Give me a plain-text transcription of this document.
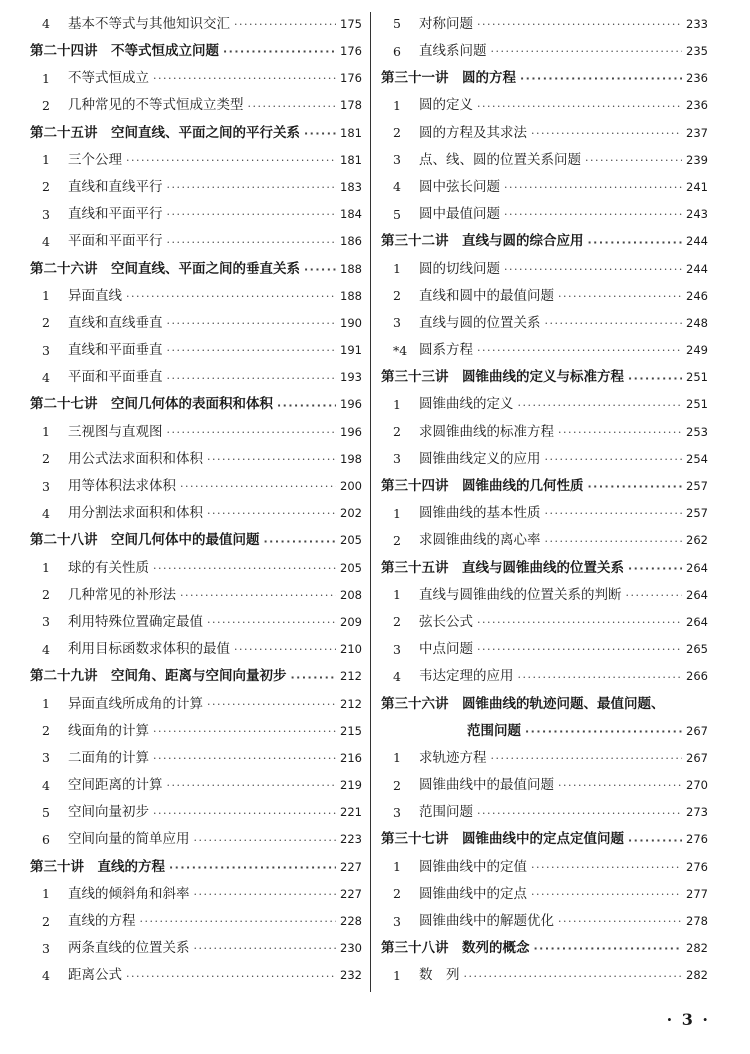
4	基本不等式与其他知识交汇 ·····	175
第二十四讲　不等式恒成立问题 ·····	176
1	不等式恒成立 ·····	176
2	几种常见的不等式恒成立类型 ·····	178
第二十五讲　空间直线、平面之间的平行关系 ·····	181
1	三个公理 ·····	181
2	直线和直线平行 ·····	183
3	直线和平面平行 ·····	184
4	平面和平面平行 ·····	186
第二十六讲　空间直线、平面之间的垂直关系 ·····	188
1	异面直线 ·····	188
2	直线和直线垂直 ·····	190
3	直线和平面垂直 ·····	191
4	平面和平面垂直 ·····	193
第二十七讲　空间几何体的表面积和体积 ·····	196
1	三视图与直观图 ·····	196
2	用公式法求面积和体积 ·····	198
3	用等体积法求体积 ·····	200
4	用分割法求面积和体积 ·····	202
第二十八讲　空间几何体中的最值问题 ·····	205
1	球的有关性质 ·····	205
2	几种常见的补形法 ·····	208
3	利用特殊位置确定最值 ·····	209
4	利用目标函数求体积的最值 ·····	210
第二十九讲　空间角、距离与空间向量初步 ·····	212
1	异面直线所成角的计算 ·····	212
2	线面角的计算 ·····	215
3	二面角的计算 ·····	216
4	空间距离的计算 ·····	219
5	空间向量初步 ·····	221
6	空间向量的简单应用 ·····	223
第三十讲　直线的方程 ·····	227
1	直线的倾斜角和斜率 ·····	227
2	直线的方程 ·····	228
3	两条直线的位置关系 ·····	230
4	距离公式 ·····	232
5	对称问题 ·····	233
6	直线系问题 ·····	235
第三十一讲　圆的方程 ·····	236
1	圆的定义 ·····	236
2	圆的方程及其求法 ·····	237
3	点、线、圆的位置关系问题 ·····	239
4	圆中弦长问题 ·····	241
5	圆中最值问题 ·····	243
第三十二讲　直线与圆的综合应用 ·····	244
1	圆的切线问题 ·····	244
2	直线和圆中的最值问题 ·····	246
3	直线与圆的位置关系 ·····	248
*4 圆系方程 ·····	249
第三十三讲　圆锥曲线的定义与标准方程 ·····	251
1	圆锥曲线的定义 ·····	251
2	求圆锥曲线的标准方程 ·····	253
3	圆锥曲线定义的应用 ·····	254
第三十四讲　圆锥曲线的几何性质 ·····	257
1	圆锥曲线的基本性质 ·····	257
2	求圆锥曲线的离心率 ·····	262
第三十五讲　直线与圆锥曲线的位置关系 ·····	264
1	直线与圆锥曲线的位置关系的判断 ·····	264
2	弦长公式 ·····	264
3	中点问题 ·····	265
4	韦达定理的应用 ·····	266
第三十六讲　圆锥曲线的轨迹问题、最值问题、
范围问题 ·····	267
1	求轨迹方程 ·····	267
2	圆锥曲线中的最值问题 ·····	270
3	范围问题 ·····	273
第三十七讲　圆锥曲线中的定点定值问题 ·····	276
1	圆锥曲线中的定值 ·····	276
2	圆锥曲线中的定点 ·····	277
3	圆锥曲线中的解题优化 ·····	278
第三十八讲　数列的概念 ·····	282
1	数　列 ·····	282
· 3 ·
